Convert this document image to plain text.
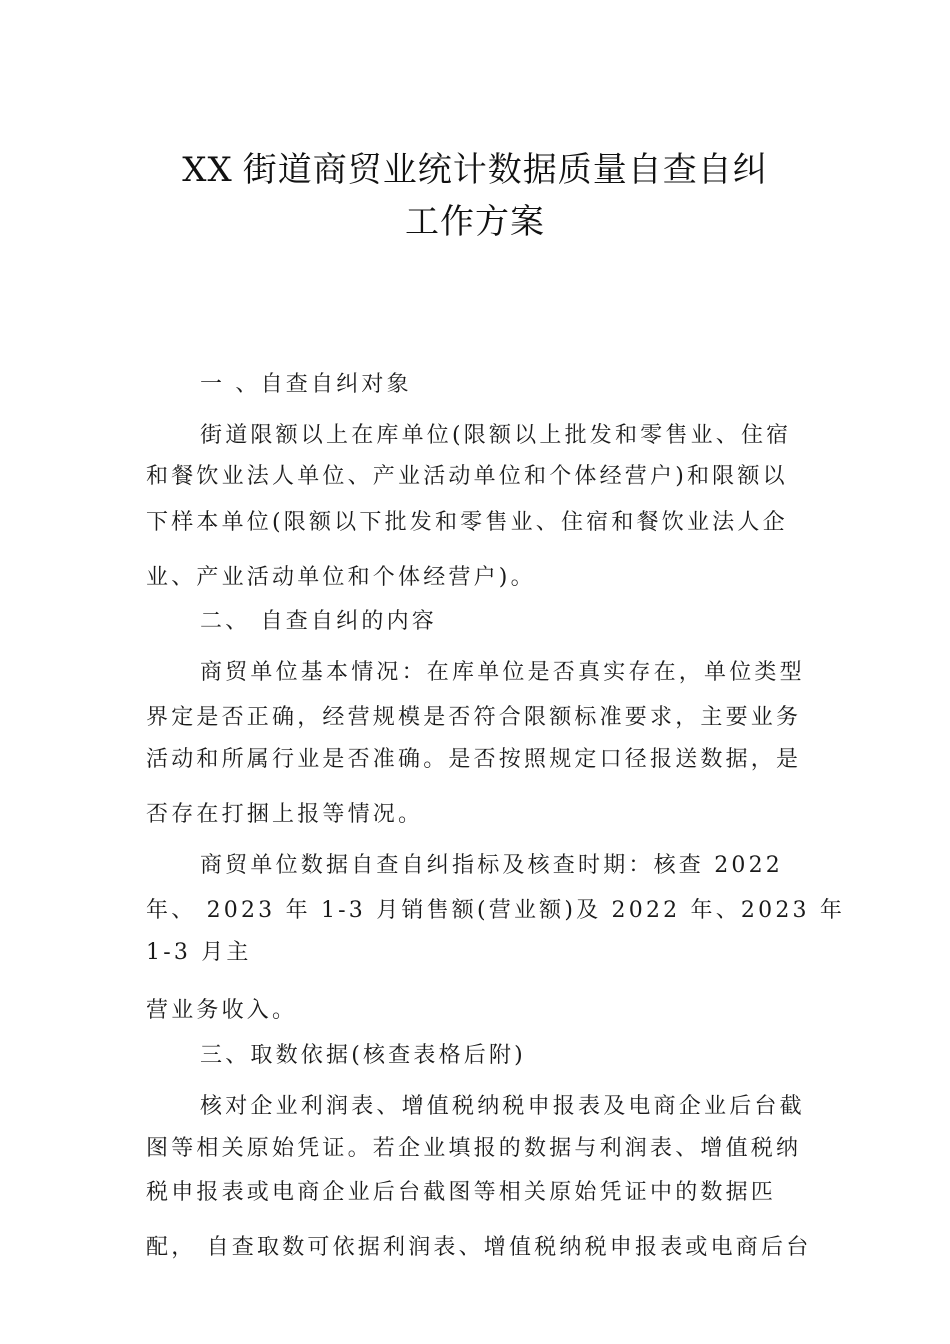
XX 街道商贸业统计数据质量自查自纠
工作方案
一 、自查自纠对象
街道限额以上在库单位(限额以上批发和零售业、住宿
和餐饮业法人单位、产业活动单位和个体经营户)和限额以
下样本单位(限额以下批发和零售业、住宿和餐饮业法人企
业、产业活动单位和个体经营户)。
二、 自查自纠的内容
商贸单位基本情况：在库单位是否真实存在，单位类型
界定是否正确，经营规模是否符合限额标准要求，主要业务
活动和所属行业是否准确。是否按照规定口径报送数据，是
否存在打捆上报等情况。
商贸单位数据自查自纠指标及核查时期：核查 2022
年、 2023 年 1-3 月销售额(营业额)及 2022 年、2023 年
1-3 月主
营业务收入。
三、取数依据(核查表格后附)
核对企业利润表、增值税纳税申报表及电商企业后台截
图等相关原始凭证。若企业填报的数据与利润表、增值税纳
税申报表或电商企业后台截图等相关原始凭证中的数据匹
配， 自查取数可依据利润表、增值税纳税申报表或电商后台
